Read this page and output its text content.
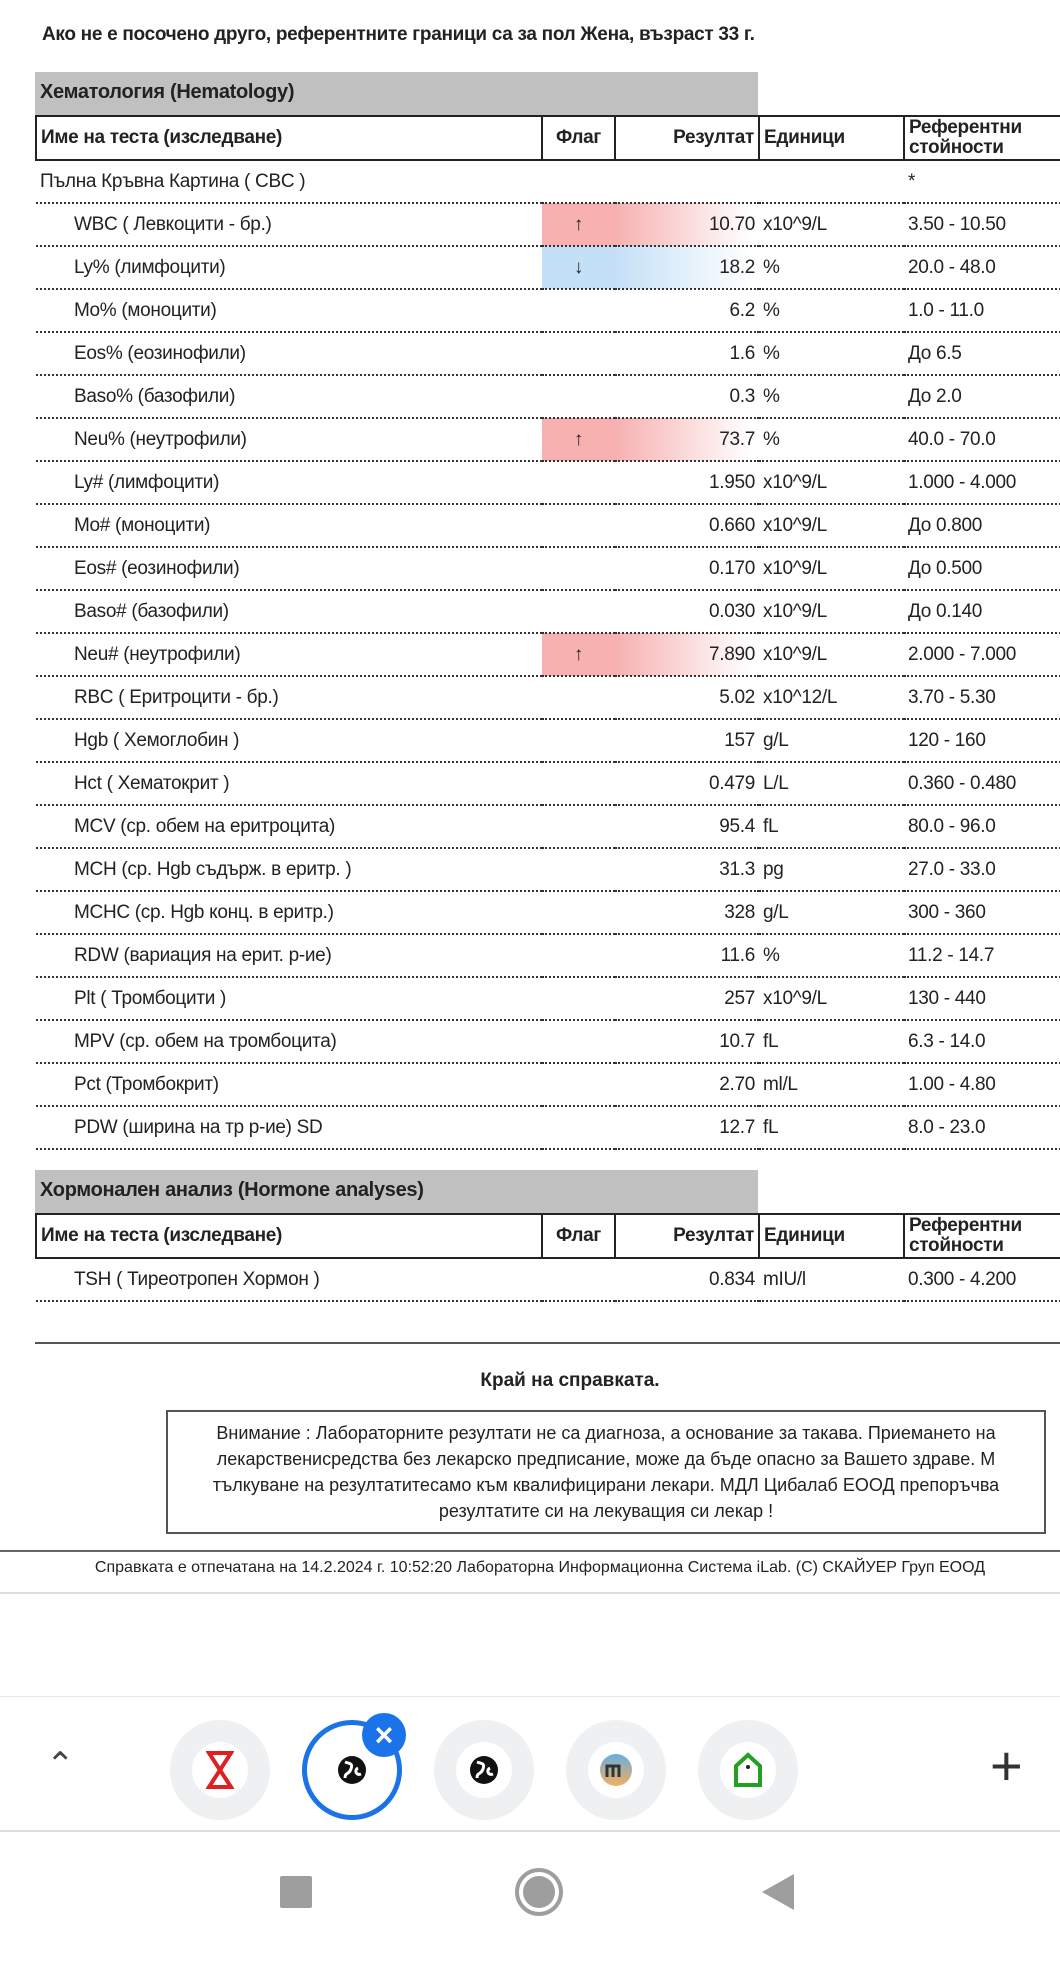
Ако не е посочено друго, референтните граници са за пол Жена, възраст 33 г.
Хематология (Hematology)
Име на теста (изследване)	Флаг	Резултат	Единици	Референтни стойности
Пълна Кръвна Картина ( CBC )				*
WBC ( Левкоцити - бр.)	↑	10.70	x10^9/L	3.50 - 10.50
Ly% (лимфоцити)	↓	18.2	%	20.0 - 48.0
Mo% (моноцити)		6.2	%	1.0 - 11.0
Eos% (еозинофили)		1.6	%	До 6.5
Baso% (базофили)		0.3	%	До 2.0
Neu% (неутрофили)	↑	73.7	%	40.0 - 70.0
Ly# (лимфоцити)		1.950	x10^9/L	1.000 - 4.000
Mo# (моноцити)		0.660	x10^9/L	До 0.800
Eos# (еозинофили)		0.170	x10^9/L	До 0.500
Baso# (базофили)		0.030	x10^9/L	До 0.140
Neu# (неутрофили)	↑	7.890	x10^9/L	2.000 - 7.000
RBC ( Еритроцити - бр.)		5.02	x10^12/L	3.70 - 5.30
Hgb ( Хемоглобин )		157	g/L	120 - 160
Hct ( Хематокрит )		0.479	L/L	0.360 - 0.480
MCV (ср. обем на еритроцита)		95.4	fL	80.0 - 96.0
MCH (ср. Hgb съдърж. в еритр. )		31.3	pg	27.0 - 33.0
MCHC (ср. Hgb конц. в еритр.)		328	g/L	300 - 360
RDW (вариация на ерит. р-ие)		11.6	%	11.2 - 14.7
Plt ( Тромбоцити )		257	x10^9/L	130 - 440
MPV (ср. обем на тромбоцита)		10.7	fL	6.3 - 14.0
Pct (Тромбокрит)		2.70	ml/L	1.00 - 4.80
PDW (ширина на тр р-ие) SD		12.7	fL	8.0 - 23.0
Хормонален анализ (Hormone analyses)
Име на теста (изследване)	Флаг	Резултат	Единици	Референтни стойности
TSH ( Тиреотропен Хормон )		0.834	mIU/l	0.300 - 4.200
Край на справката.
Внимание : Лабораторните резултати не са диагноза, а основание за такава. Приемането на
лекарственисредства без лекарско предписание, може да бъде опасно за Вашето здраве. М
тълкуване на резултатитесамо към квалифицирани лекари. МДЛ Цибалаб ЕООД препоръчва
резултатите си на лекуващия си лекар !
Справката е отпечатана на 14.2.2024 г. 10:52:20 Лабораторна Информационна Система iLab. (C) СКАЙУЕР Груп ЕООД
⌃
×	+
